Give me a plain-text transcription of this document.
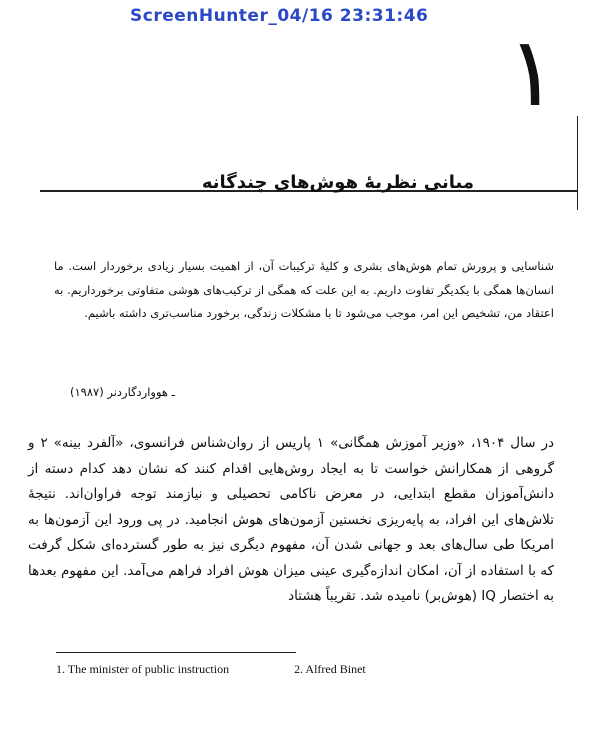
ScreenHunter_04/16 23:31:46 ١
مبانی نظریهٔ هوش‌های چندگانه

شناسایی و پرورش تمام هوش‌های بشری و کلیهٔ ترکیبات آن، از اهمیت بسیار زیادی برخوردار است. ما انسان‌ها همگی با یکدیگر تفاوت داریم. به این علت که همگی از ترکیب‌های هوشی متفاوتی برخورداریم. به اعتقاد من، تشخیص این امر، موجب می‌شود تا با مشکلات زندگی، برخورد مناسب‌تری داشته باشیم.

ـ هوواردگاردنر (۱۹۸۷)

در سال ۱۹۰۴، «وزیر آموزش همگانی» ۱ پاریس از روان‌شناس فرانسوی، «آلفرد بینه» ۲ و گروهی از همکارانش خواست تا به ایجاد روش‌هایی اقدام کنند که نشان دهد کدام دسته از دانش‌آموزان مقطع ابتدایی، در معرض ناکامی تحصیلی و نیازمند توجه فراوان‌اند. نتیجهٔ تلاش‌های این افراد، به پایه‌ریزی نخستین آزمون‌های هوش انجامید. در پی ورود این آزمون‌ها به امریکا طی سال‌های بعد و جهانی شدن آن، مفهوم دیگری نیز به طور گسترده‌ای شکل گرفت که با استفاده از آن، امکان اندازه‌گیری عینی میزان هوش افراد فراهم می‌آمد. این مفهوم بعدها به اختصار IQ (هوش‌بر) نامیده شد. تقریباً هشتاد

1. The minister of public instruction	2. Alfred Binet
